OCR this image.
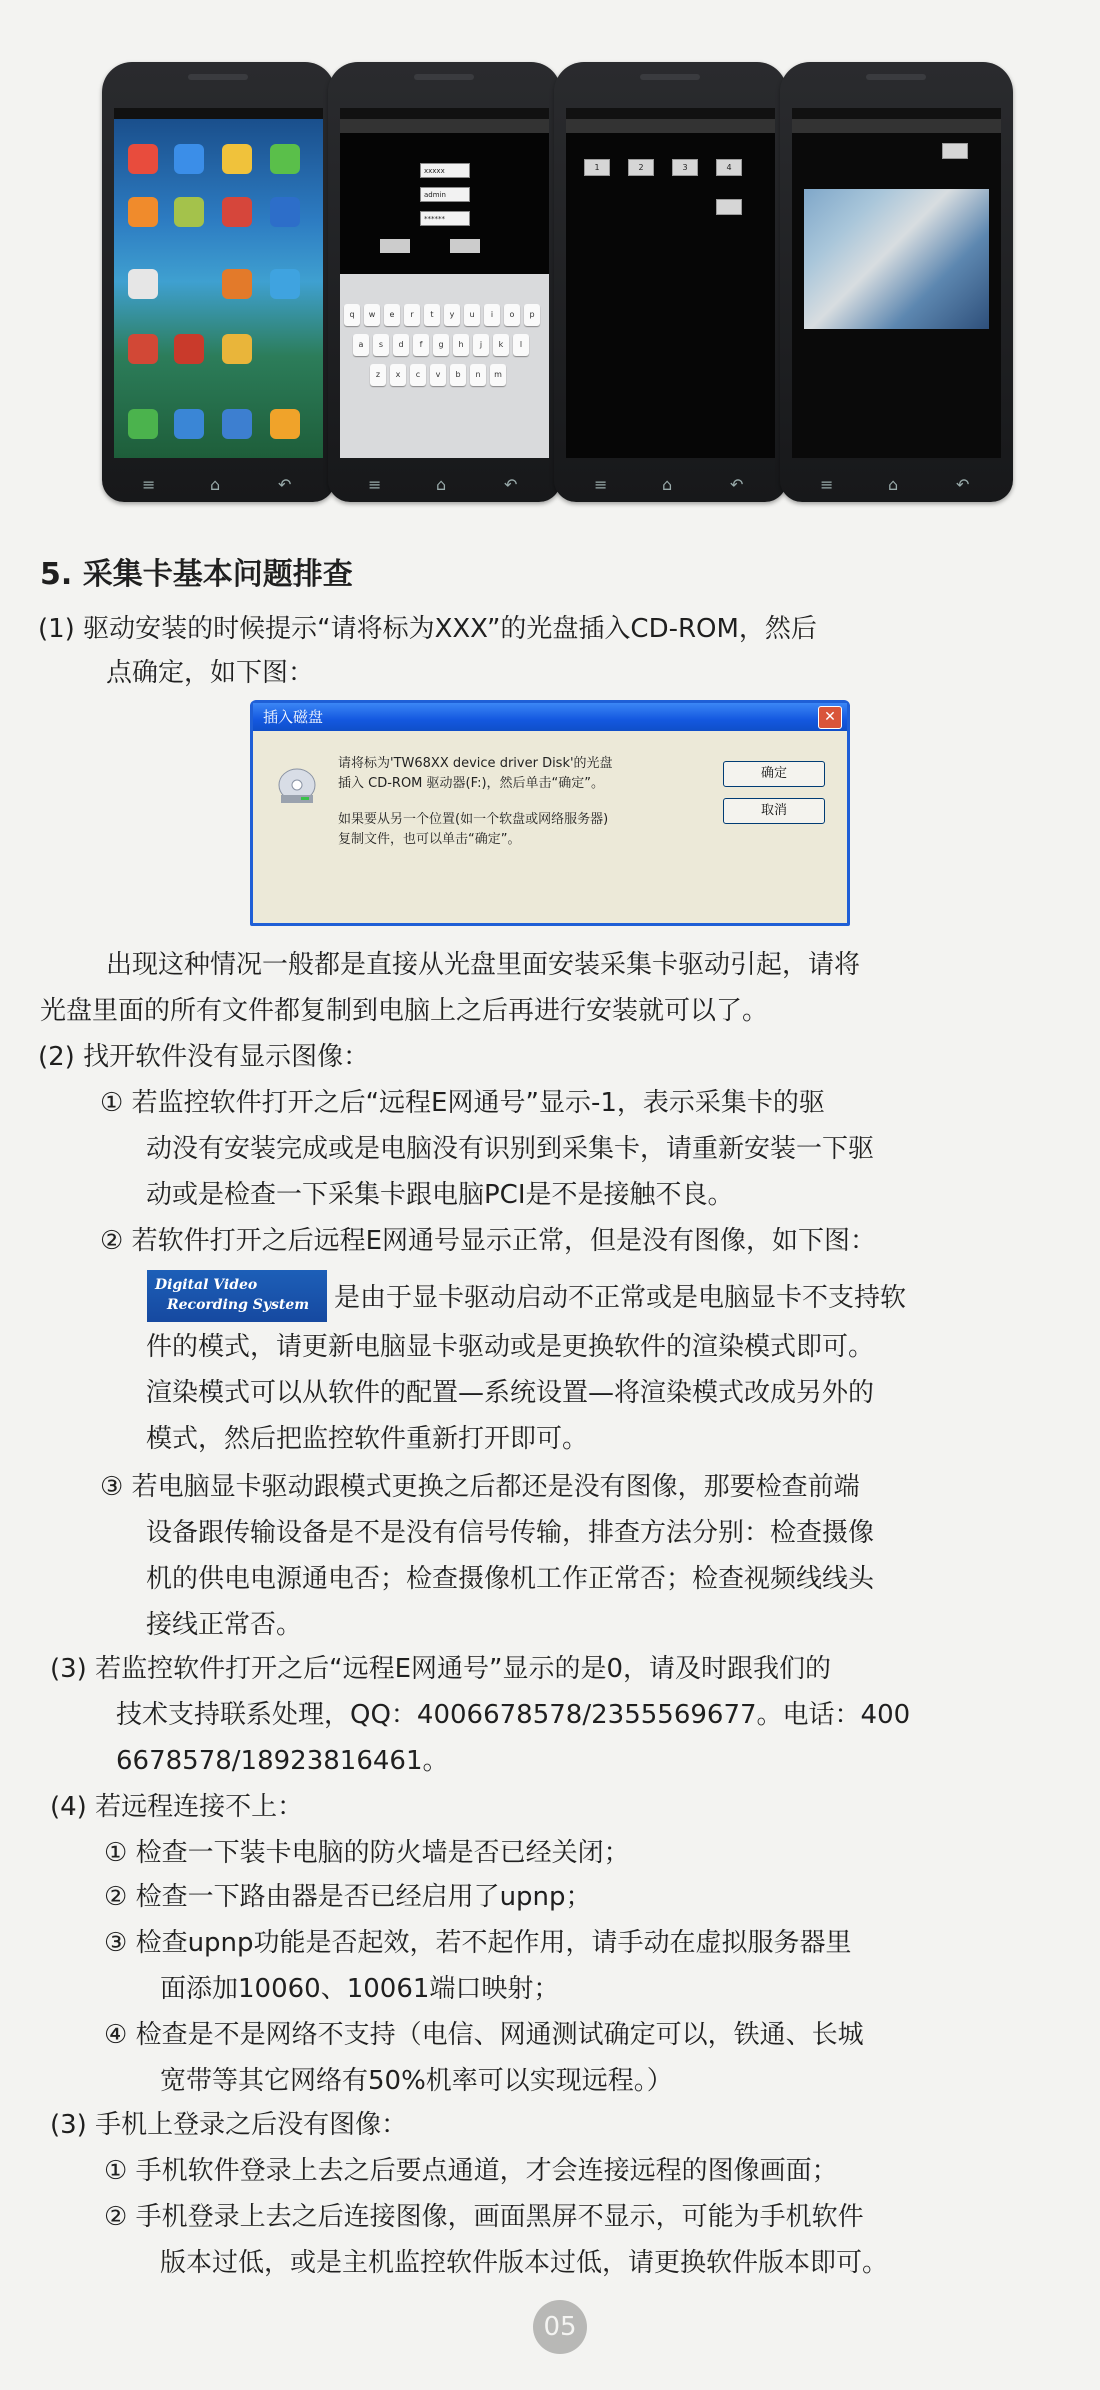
≡	⌂	↶
xxxxx
admin
******
q	w	e	r	t	y	u	i	o	p
a	s	d	f	g	h	j	k	l
z	x	c	v	b	n	m
≡	⌂	↶
1	2	3	4
≡	⌂	↶	≡	⌂	↶
5. 采集卡基本问题排查
(1) 驱动安装的时候提示“请将标为XXX”的光盘插入CD-ROM，然后
点确定，如下图：
插入磁盘	✕
请将标为'TW68XX device driver Disk'的光盘
插入 CD-ROM 驱动器(F:)，然后单击“确定”。
如果要从另一个位置(如一个软盘或网络服务器)
复制文件，也可以单击“确定”。
确定
取消
出现这种情况一般都是直接从光盘里面安装采集卡驱动引起，请将
光盘里面的所有文件都复制到电脑上之后再进行安装就可以了。
(2) 找开软件没有显示图像：
① 若监控软件打开之后“远程E网通号”显示-1，表示采集卡的驱
动没有安装完成或是电脑没有识别到采集卡，请重新安装一下驱
动或是检查一下采集卡跟电脑PCI是不是接触不良。
② 若软件打开之后远程E网通号显示正常，但是没有图像，如下图：
Digital Video
Recording System 是由于显卡驱动启动不正常或是电脑显卡不支持软
件的模式，请更新电脑显卡驱动或是更换软件的渲染模式即可。
渲染模式可以从软件的配置—系统设置—将渲染模式改成另外的
模式，然后把监控软件重新打开即可。
③ 若电脑显卡驱动跟模式更换之后都还是没有图像，那要检查前端
设备跟传输设备是不是没有信号传输，排查方法分别：检查摄像
机的供电电源通电否；检查摄像机工作正常否；检查视频线线头
接线正常否。
(3) 若监控软件打开之后“远程E网通号”显示的是0，请及时跟我们的
技术支持联系处理，QQ：4006678578/2355569677。电话：400
6678578/18923816461。
(4) 若远程连接不上：
① 检查一下装卡电脑的防火墙是否已经关闭；
② 检查一下路由器是否已经启用了upnp；
③ 检查upnp功能是否起效，若不起作用，请手动在虚拟服务器里
面添加10060、10061端口映射；
④ 检查是不是网络不支持（电信、网通测试确定可以，铁通、长城
宽带等其它网络有50%机率可以实现远程。）
(3) 手机上登录之后没有图像：
① 手机软件登录上去之后要点通道，才会连接远程的图像画面；
② 手机登录上去之后连接图像，画面黑屏不显示，可能为手机软件
版本过低，或是主机监控软件版本过低，请更换软件版本即可。
05
